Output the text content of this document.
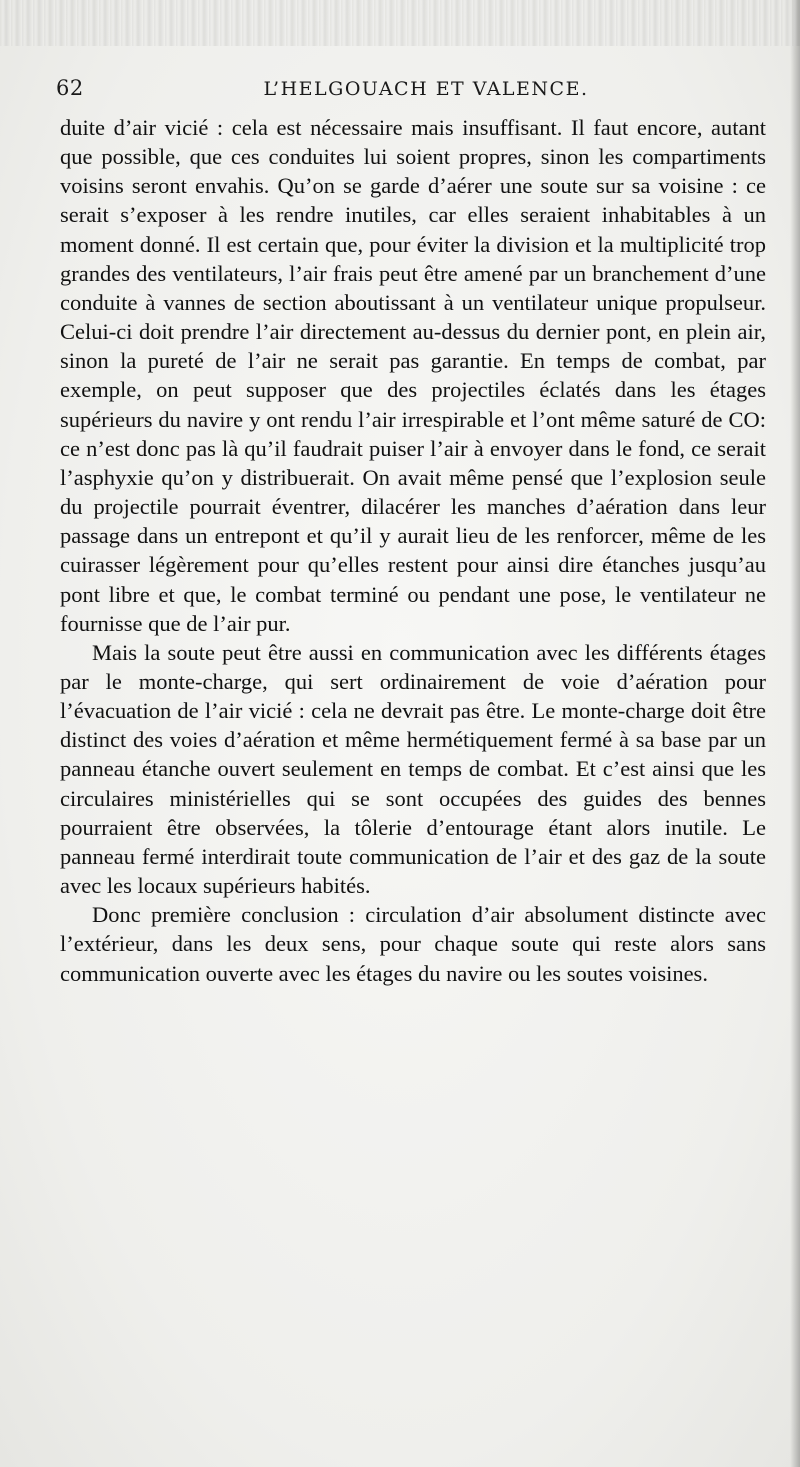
62	L’HELGOUACH ET VALENCE.

duite d’air vicié : cela est nécessaire mais insuffisant. Il faut encore, autant que possible, que ces conduites lui soient propres, sinon les compartiments voisins seront envahis. Qu’on se garde d’aérer une soute sur sa voisine : ce serait s’exposer à les rendre inutiles, car elles seraient inhabitables à un moment donné. Il est certain que, pour éviter la division et la multiplicité trop grandes des ventilateurs, l’air frais peut être amené par un branchement d’une conduite à vannes de section aboutissant à un ventilateur unique propulseur. Celui-ci doit prendre l’air directement au-dessus du dernier pont, en plein air, sinon la pureté de l’air ne serait pas garantie. En temps de combat, par exemple, on peut supposer que des projectiles éclatés dans les étages supérieurs du navire y ont rendu l’air irrespirable et l’ont même saturé de CO: ce n’est donc pas là qu’il faudrait puiser l’air à envoyer dans le fond, ce serait l’asphyxie qu’on y distribuerait. On avait même pensé que l’explosion seule du projectile pourrait éventrer, dilacérer les manches d’aération dans leur passage dans un entrepont et qu’il y aurait lieu de les renforcer, même de les cuirasser légèrement pour qu’elles restent pour ainsi dire étanches jusqu’au pont libre et que, le combat terminé ou pendant une pose, le ventilateur ne fournisse que de l’air pur.

Mais la soute peut être aussi en communication avec les différents étages par le monte-charge, qui sert ordinairement de voie d’aération pour l’évacuation de l’air vicié : cela ne devrait pas être. Le monte-charge doit être distinct des voies d’aération et même hermétiquement fermé à sa base par un panneau étanche ouvert seulement en temps de combat. Et c’est ainsi que les circulaires ministérielles qui se sont occupées des guides des bennes pourraient être observées, la tôlerie d’entourage étant alors inutile. Le panneau fermé interdirait toute communication de l’air et des gaz de la soute avec les locaux supérieurs habités.

Donc première conclusion : circulation d’air absolument distincte avec l’extérieur, dans les deux sens, pour chaque soute qui reste alors sans communication ouverte avec les étages du navire ou les soutes voisines.
